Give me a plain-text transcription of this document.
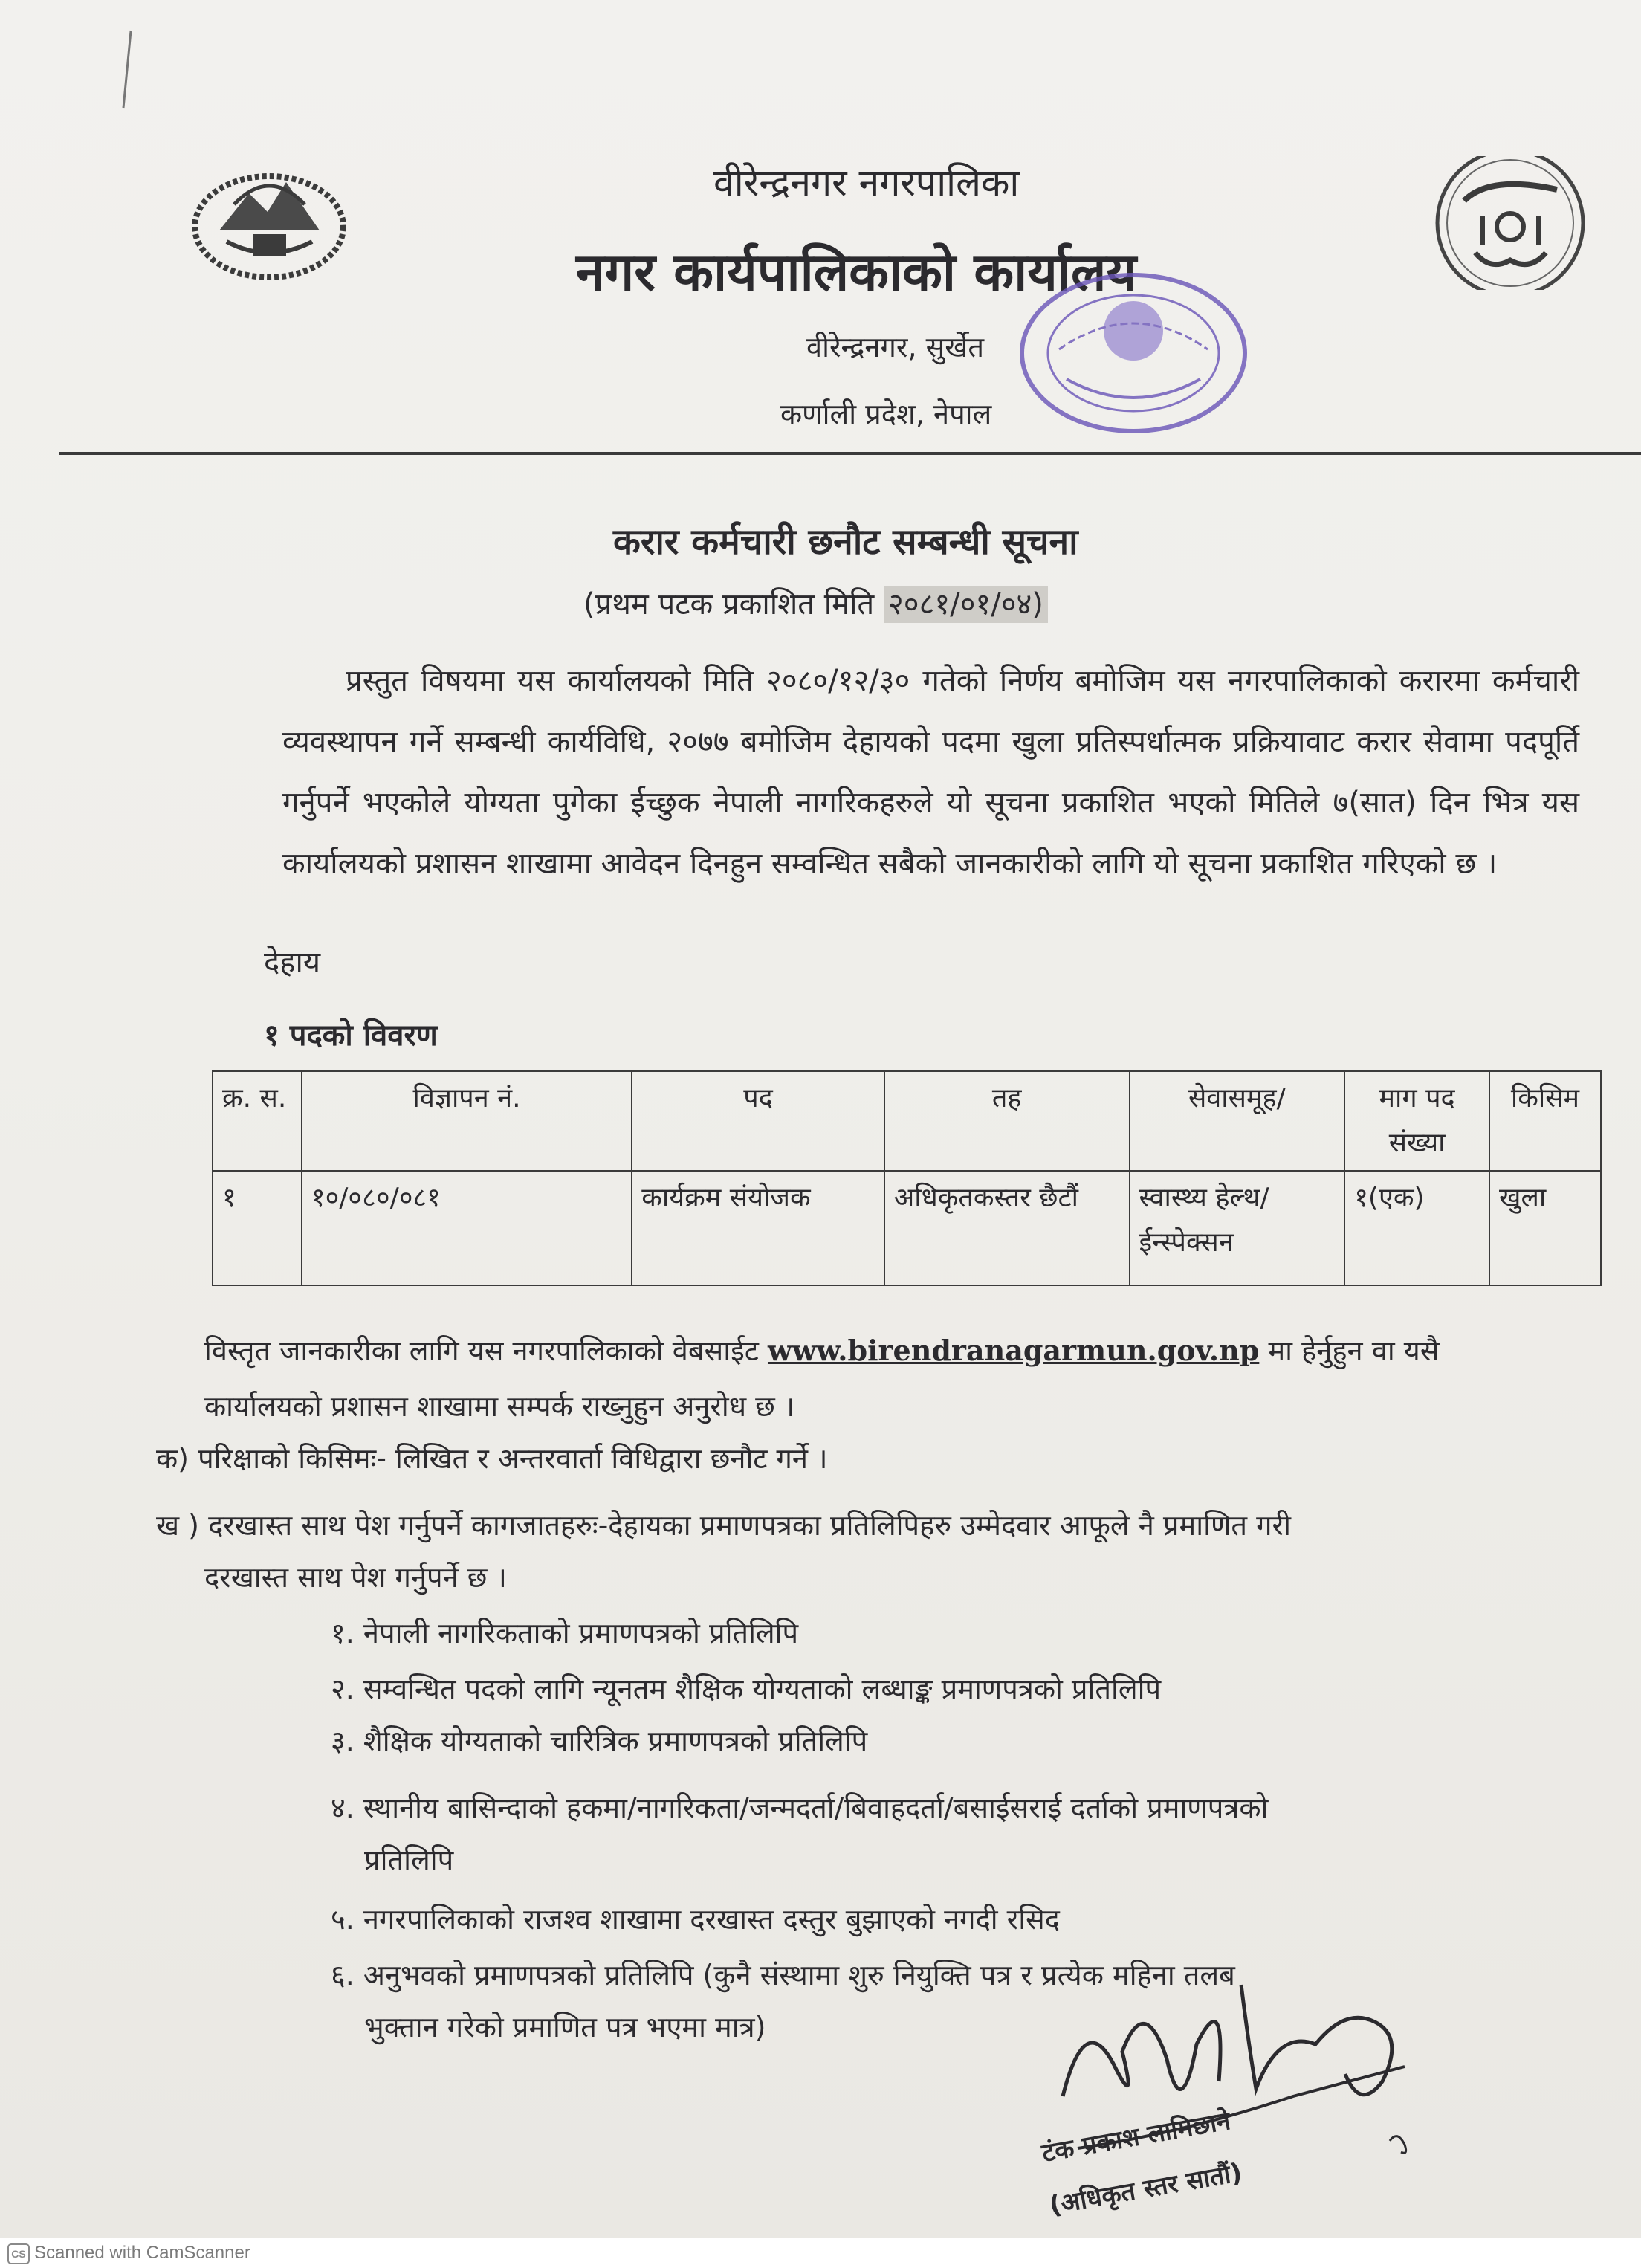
वीरेन्द्रनगर नगरपालिका
नगर कार्यपालिकाको कार्यालय
वीरेन्द्रनगर, सुर्खेत
कर्णाली प्रदेश, नेपाल
करार कर्मचारी छनौट सम्बन्धी सूचना
(प्रथम पटक प्रकाशित मिति २०८१/०१/०४)
प्रस्तुत विषयमा यस कार्यालयको मिति २०८०/१२/३० गतेको निर्णय बमोजिम यस नगरपालिकाको करारमा कर्मचारी व्यवस्थापन गर्ने सम्बन्धी कार्यविधि, २०७७ बमोजिम देहायको पदमा खुला प्रतिस्पर्धात्मक प्रक्रियावाट करार सेवामा पदपूर्ति गर्नुपर्ने भएकोले योग्यता पुगेका ईच्छुक नेपाली नागरिकहरुले यो सूचना प्रकाशित भएको मितिले ७(सात) दिन भित्र यस कार्यालयको प्रशासन शाखामा आवेदन दिनहुन सम्वन्धित सबैको जानकारीको लागि यो सूचना प्रकाशित गरिएको छ ।
देहाय
१ पदको विवरण
क्र. स.	विज्ञापन नं.	पद	तह	सेवासमूह/	माग पद संख्या	किसिम
१	१०/०८०/०८१	कार्यक्रम संयोजक	अधिकृतकस्तर छैटौं	स्वास्थ्य हेल्थ/ ईन्स्पेक्सन	१(एक)	खुला
विस्तृत जानकारीका लागि यस नगरपालिकाको वेबसाईट www.birendranagarmun.gov.np मा हेर्नुहुन वा यसै
कार्यालयको प्रशासन शाखामा सम्पर्क राख्नुहुन अनुरोध छ ।
क) परिक्षाको किसिमः- लिखित र अन्तरवार्ता विधिद्वारा छनौट गर्ने ।
ख ) दरखास्त साथ पेश गर्नुपर्ने कागजातहरुः-देहायका प्रमाणपत्रका प्रतिलिपिहरु उम्मेदवार आफूले नै प्रमाणित गरी
दरखास्त साथ पेश गर्नुपर्ने छ ।
१. नेपाली नागरिकताको प्रमाणपत्रको प्रतिलिपि
२. सम्वन्धित पदको लागि न्यूनतम शैक्षिक योग्यताको लब्धाङ्क प्रमाणपत्रको प्रतिलिपि
३. शैक्षिक योग्यताको चारित्रिक प्रमाणपत्रको प्रतिलिपि
४. स्थानीय बासिन्दाको हकमा/नागरिकता/जन्मदर्ता/बिवाहदर्ता/बसाईसराई दर्ताको प्रमाणपत्रको
प्रतिलिपि
५. नगरपालिकाको राजश्व शाखामा दरखास्त दस्तुर बुझाएको नगदी रसिद
६. अनुभवको प्रमाणपत्रको प्रतिलिपि (कुनै संस्थामा शुरु नियुक्ति पत्र र प्रत्येक महिना तलब
भुक्तान गरेको प्रमाणित पत्र भएमा मात्र)
टंक प्रकाश लामिछाने
(अधिकृत स्तर सातौं)
CS Scanned with CamScanner
